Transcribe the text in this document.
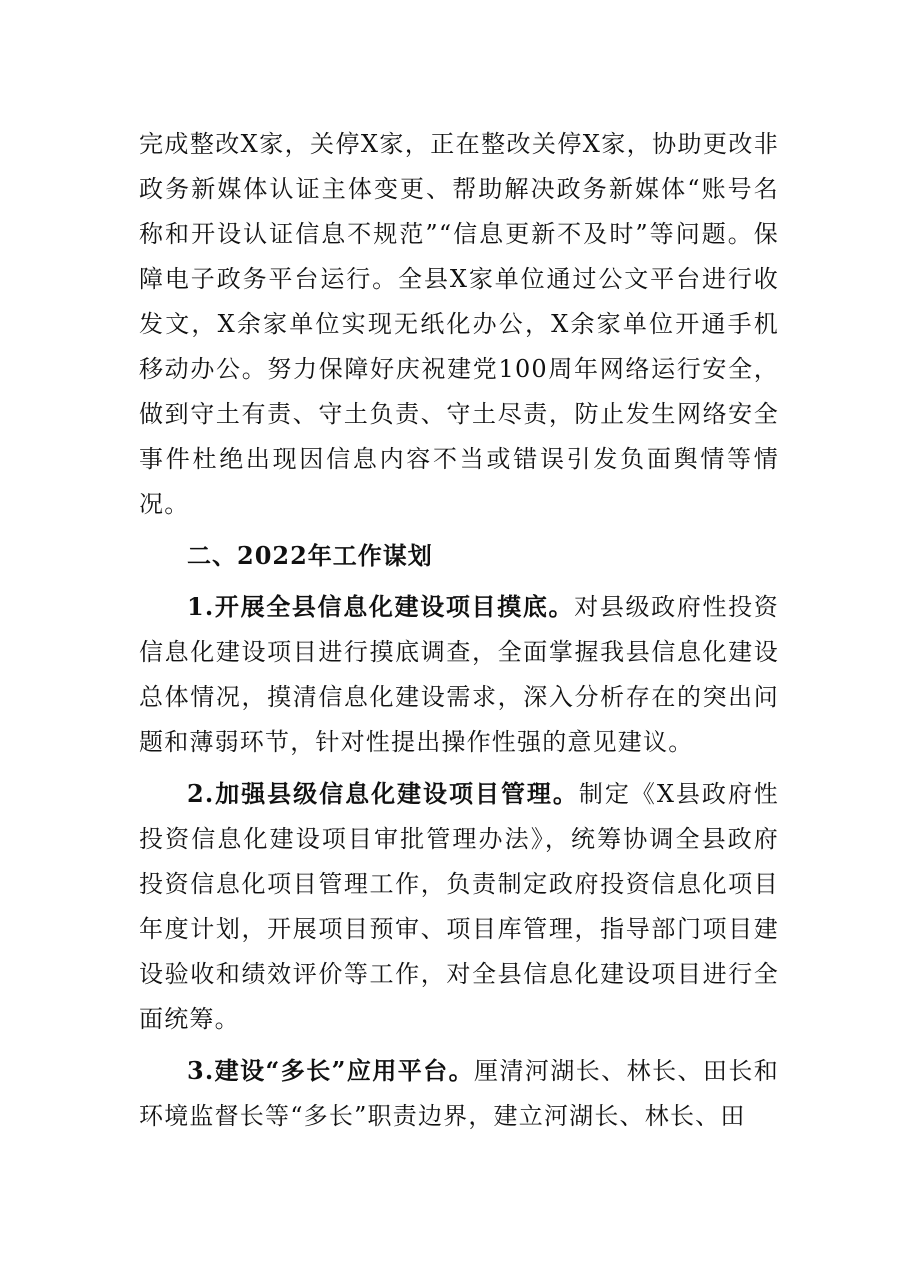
完成整改X家，关停X家，正在整改关停X家，协助更改非政务新媒体认证主体变更、帮助解决政务新媒体“账号名称和开设认证信息不规范”“信息更新不及时”等问题。保障电子政务平台运行。全县X家单位通过公文平台进行收发文，X余家单位实现无纸化办公，X余家单位开通手机移动办公。努力保障好庆祝建党100周年网络运行安全，做到守土有责、守土负责、守土尽责，防止发生网络安全事件杜绝出现因信息内容不当或错误引发负面舆情等情况。

二、2022年工作谋划

1.开展全县信息化建设项目摸底。对县级政府性投资信息化建设项目进行摸底调查，全面掌握我县信息化建设总体情况，摸清信息化建设需求，深入分析存在的突出问题和薄弱环节，针对性提出操作性强的意见建议。

2.加强县级信息化建设项目管理。制定《X县政府性投资信息化建设项目审批管理办法》，统筹协调全县政府投资信息化项目管理工作，负责制定政府投资信息化项目年度计划，开展项目预审、项目库管理，指导部门项目建设验收和绩效评价等工作，对全县信息化建设项目进行全面统筹。

3.建设“多长”应用平台。厘清河湖长、林长、田长和环境监督长等“多长”职责边界，建立河湖长、林长、田
